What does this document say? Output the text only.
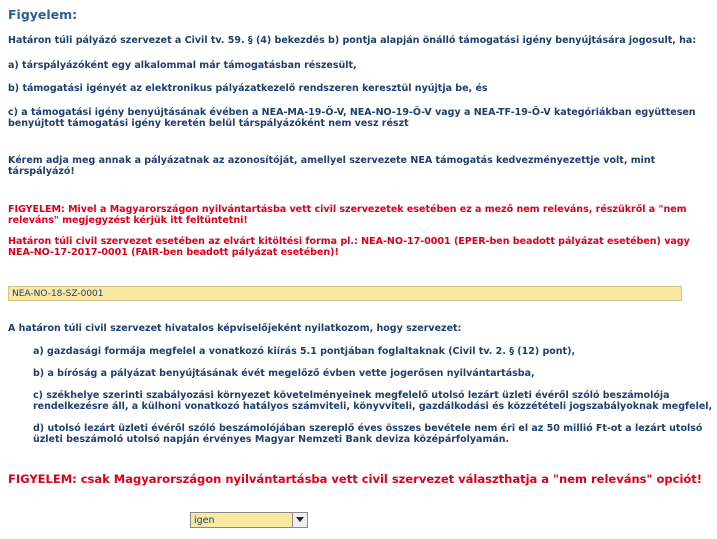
Figyelem:
Határon túli pályázó szervezet a Civil tv. 59. § (4) bekezdés b) pontja alapján önálló támogatási igény benyújtására jogosult, ha:
a) társpályázóként egy alkalommal már támogatásban részesült,
b) támogatási igényét az elektronikus pályázatkezelő rendszeren keresztül nyújtja be, és
c) a támogatási igény benyújtásának évében a NEA-MA-19-Ö-V, NEA-NO-19-Ö-V vagy a NEA-TF-19-Ö-V kategóriákban együttesen benyújtott támogatási igény keretén belül társpályázóként nem vesz részt
Kérem adja meg annak a pályázatnak az azonosítóját, amellyel szervezete NEA támogatás kedvezményezettje volt, mint társpályázó!
FIGYELEM: Mivel a Magyarországon nyilvántartásba vett civil szervezetek esetében ez a mező nem releváns, részükről a "nem releváns" megjegyzést kérjük itt feltüntetni!
Határon túli civil szervezet esetében az elvárt kitöltési forma pl.: NEA-NO-17-0001 (EPER-ben beadott pályázat esetében) vagy NEA-NO-17-2017-0001 (FAIR-ben beadott pályázat esetében)!
NEA-NO-18-SZ-0001
A határon túli civil szervezet hivatalos képviselőjeként nyilatkozom, hogy szervezet:
a) gazdasági formája megfelel a vonatkozó kiírás 5.1 pontjában foglaltaknak (Civil tv. 2. § (12) pont),
b) a bíróság a pályázat benyújtásának évét megelőző évben vette jogerősen nyilvántartásba,
c) székhelye szerinti szabályozási környezet követelményeinek megfelelő utolsó lezárt üzleti évéről szóló beszámolója rendelkezésre áll, a külhoni vonatkozó hatályos számviteli, könyvviteli, gazdálkodási és közzétételi jogszabályoknak megfelel,
d) utolsó lezárt üzleti évéről szóló beszámolójában szereplő éves összes bevétele nem éri el az 50 millió Ft-ot a lezárt utolsó üzleti beszámoló utolsó napján érvényes Magyar Nemzeti Bank deviza középárfolyamán.
FIGYELEM: csak Magyarországon nyilvántartásba vett civil szervezet választhatja a "nem releváns" opciót!
igen
